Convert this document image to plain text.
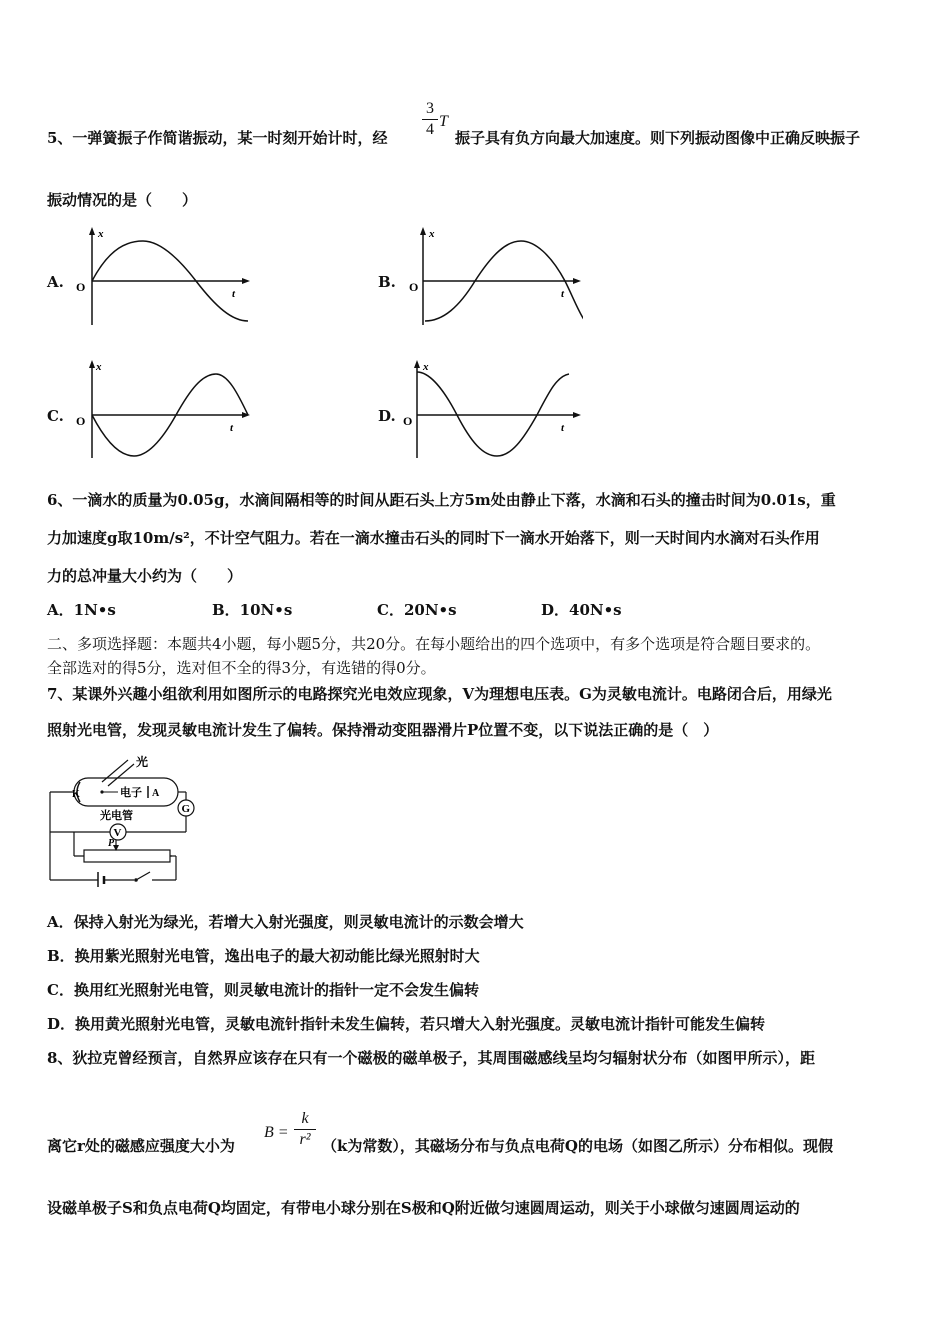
5、一弹簧振子作简谐振动，某一时刻开始计时，经
3
4 T
振子具有负方向最大加速度。则下列振动图像中正确反映振子
振动情况的是（　　）
A.
x
t
O	B.
x
t
O
C.
x
t
O	D.
x
t
O
6、一滴水的质量为0.05g，水滴间隔相等的时间从距石头上方5m处由静止下落，水滴和石头的撞击时间为0.01s，重
力加速度g取10m/s²，不计空气阻力。若在一滴水撞击石头的同时下一滴水开始落下，则一天时间内水滴对石头作用
力的总冲量大小约为（　　）
A．1N•s	B．10N•s	C．20N•s	D．40N•s
二、多项选择题：本题共4小题，每小题5分，共20分。在每小题给出的四个选项中，有多个选项是符合题目要求的。
全部选对的得5分，选对但不全的得3分，有选错的得0分。
7、某课外兴趣小组欲利用如图所示的电路探究光电效应现象，V为理想电压表。G为灵敏电流计。电路闭合后，用绿光
照射光电管，发现灵敏电流计发生了偏转。保持滑动变阻器滑片P位置不变，以下说法正确的是（　）
光
K	电子 A
光电管
G
V
P
A．保持入射光为绿光，若增大入射光强度，则灵敏电流计的示数会增大
B．换用紫光照射光电管，逸出电子的最大初动能比绿光照射时大
C．换用红光照射光电管，则灵敏电流计的指针一定不会发生偏转
D．换用黄光照射光电管，灵敏电流针指针未发生偏转，若只增大入射光强度。灵敏电流计指针可能发生偏转
8、狄拉克曾经预言，自然界应该存在只有一个磁极的磁单极子，其周围磁感线呈均匀辐射状分布（如图甲所示），距
离它r处的磁感应强度大小为
B =
k
r² （k为常数），其磁场分布与负点电荷Q的电场（如图乙所示）分布相似。现假
设磁单极子S和负点电荷Q均固定，有带电小球分别在S极和Q附近做匀速圆周运动，则关于小球做匀速圆周运动的
